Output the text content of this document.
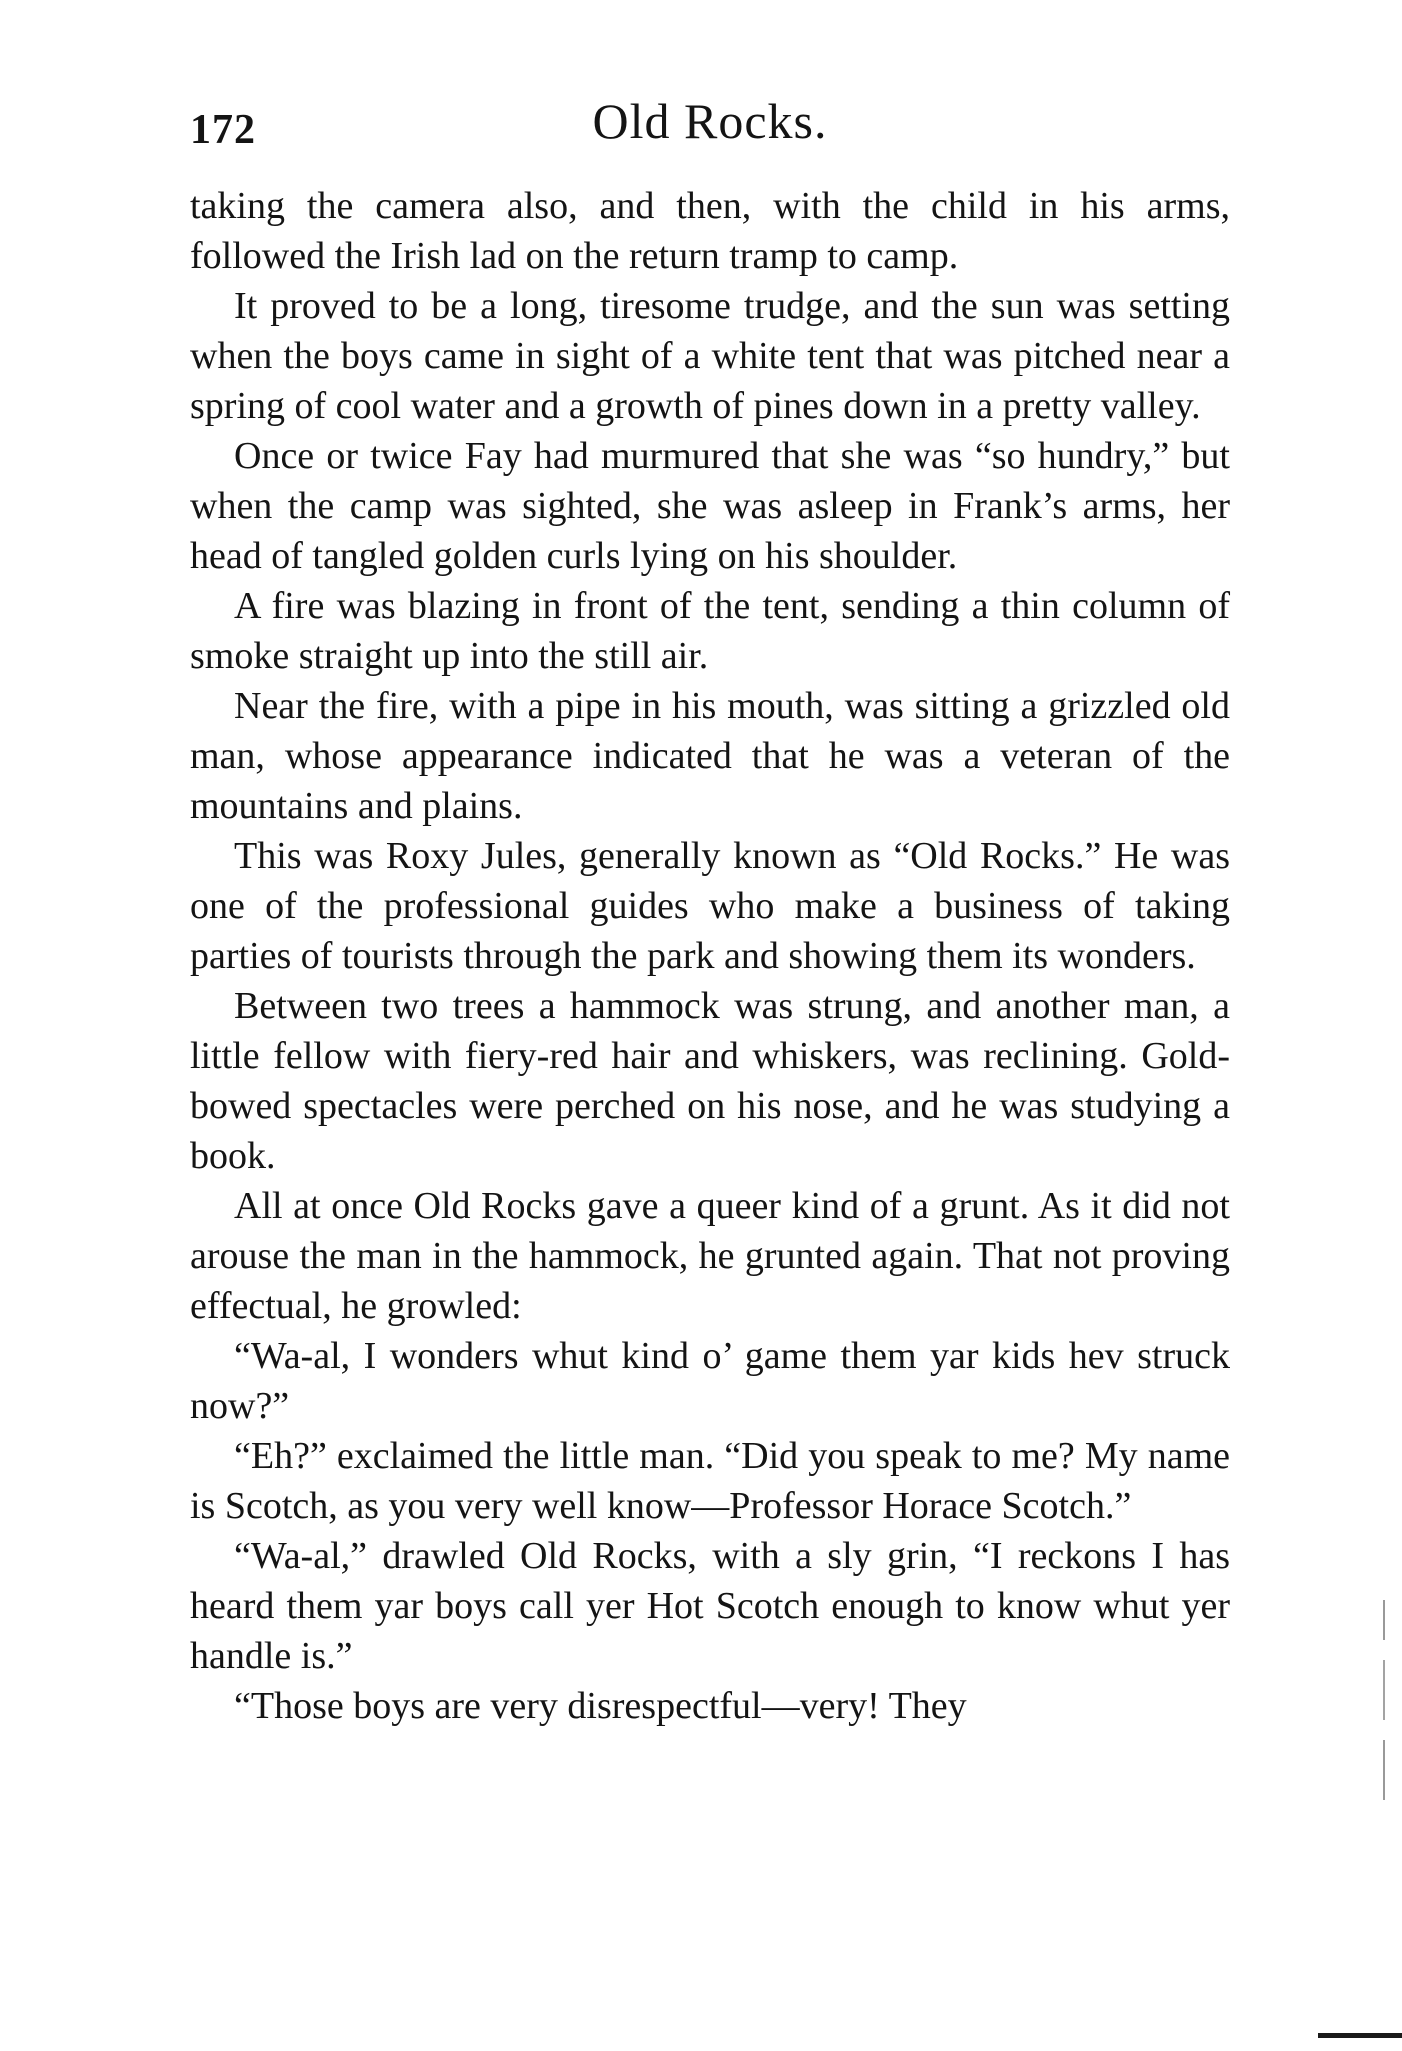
172	Old Rocks.

taking the camera also, and then, with the child in his arms, followed the Irish lad on the return tramp to camp.

It proved to be a long, tiresome trudge, and the sun was setting when the boys came in sight of a white tent that was pitched near a spring of cool water and a growth of pines down in a pretty valley.

Once or twice Fay had murmured that she was “so hundry,” but when the camp was sighted, she was asleep in Frank’s arms, her head of tangled golden curls lying on his shoulder.

A fire was blazing in front of the tent, sending a thin column of smoke straight up into the still air.

Near the fire, with a pipe in his mouth, was sitting a grizzled old man, whose appearance indicated that he was a veteran of the mountains and plains.

This was Roxy Jules, generally known as “Old Rocks.” He was one of the professional guides who make a business of taking parties of tourists through the park and showing them its wonders.

Between two trees a hammock was strung, and another man, a little fellow with fiery-red hair and whiskers, was reclining. Gold-bowed spectacles were perched on his nose, and he was studying a book.

All at once Old Rocks gave a queer kind of a grunt. As it did not arouse the man in the hammock, he grunted again. That not proving effectual, he growled:

“Wa-al, I wonders whut kind o’ game them yar kids hev struck now?”

“Eh?” exclaimed the little man. “Did you speak to me? My name is Scotch, as you very well know—Professor Horace Scotch.”

“Wa-al,” drawled Old Rocks, with a sly grin, “I reckons I has heard them yar boys call yer Hot Scotch enough to know whut yer handle is.”

“Those boys are very disrespectful—very! They
